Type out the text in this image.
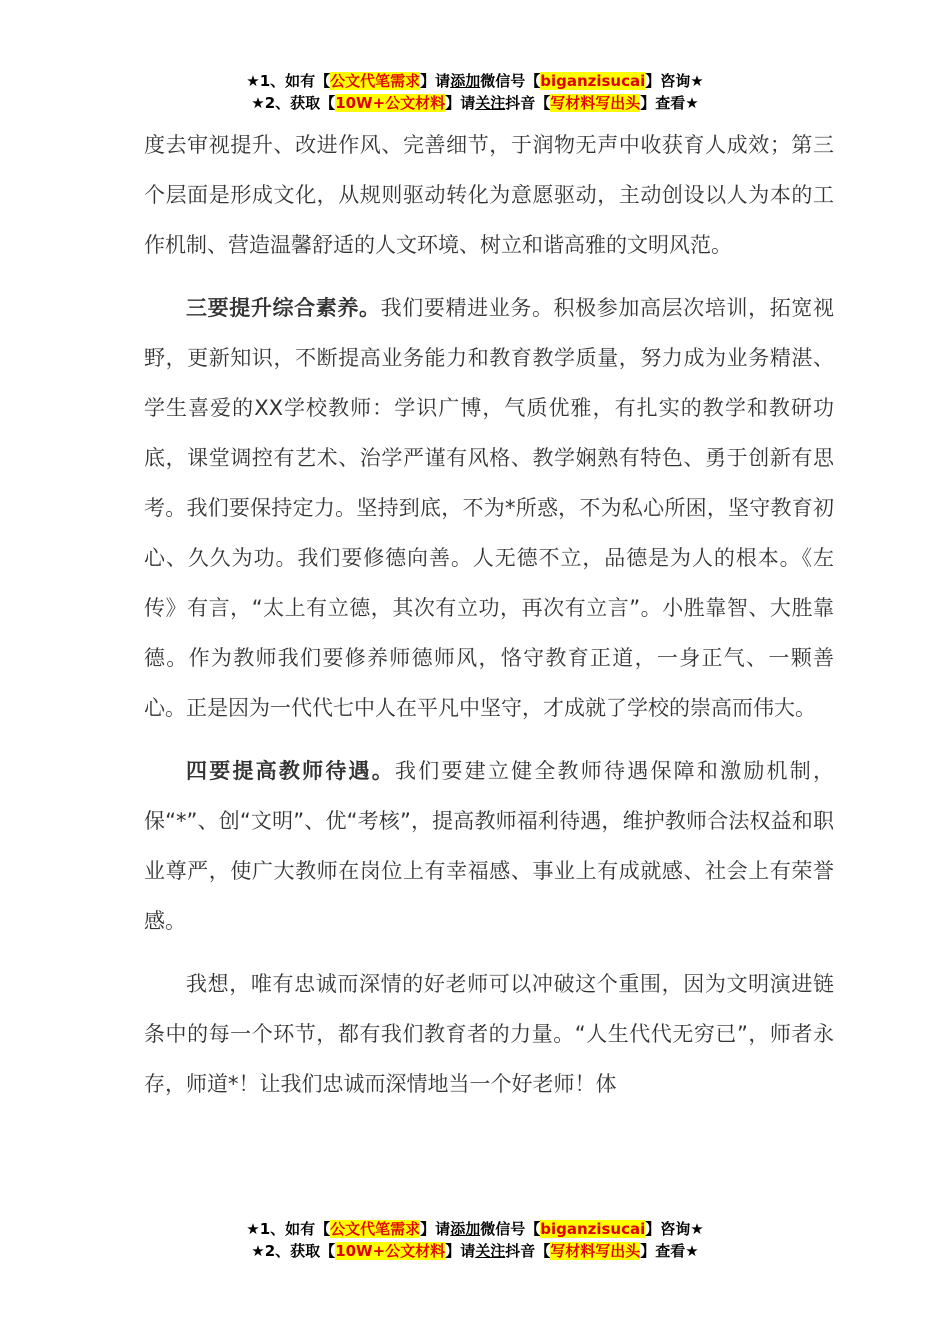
★1、如有【公文代笔需求】请添加微信号【biganzisucai】咨询★
★2、获取【10W+公文材料】请关注抖音【写材料写出头】查看★

度去审视提升、改进作风、完善细节，于润物无声中收获育人成效；第三个层面是形成文化，从规则驱动转化为意愿驱动，主动创设以人为本的工作机制、营造温馨舒适的人文环境、树立和谐高雅的文明风范。

三要提升综合素养。我们要精进业务。积极参加高层次培训，拓宽视野，更新知识，不断提高业务能力和教育教学质量，努力成为业务精湛、学生喜爱的XX学校教师：学识广博，气质优雅，有扎实的教学和教研功底，课堂调控有艺术、治学严谨有风格、教学娴熟有特色、勇于创新有思考。我们要保持定力。坚持到底，不为*所惑，不为私心所困，坚守教育初心、久久为功。我们要修德向善。人无德不立，品德是为人的根本。《左传》有言，“太上有立德，其次有立功，再次有立言”。小胜靠智、大胜靠德。作为教师我们要修养师德师风，恪守教育正道，一身正气、一颗善心。正是因为一代代七中人在平凡中坚守，才成就了学校的崇高而伟大。

四要提高教师待遇。我们要建立健全教师待遇保障和激励机制，保“*”、创“文明”、优“考核”，提高教师福利待遇，维护教师合法权益和职业尊严，使广大教师在岗位上有幸福感、事业上有成就感、社会上有荣誉感。

我想，唯有忠诚而深情的好老师可以冲破这个重围，因为文明演进链条中的每一个环节，都有我们教育者的力量。“人生代代无穷已”，师者永存，师道*！让我们忠诚而深情地当一个好老师！体

★1、如有【公文代笔需求】请添加微信号【biganzisucai】咨询★
★2、获取【10W+公文材料】请关注抖音【写材料写出头】查看★
